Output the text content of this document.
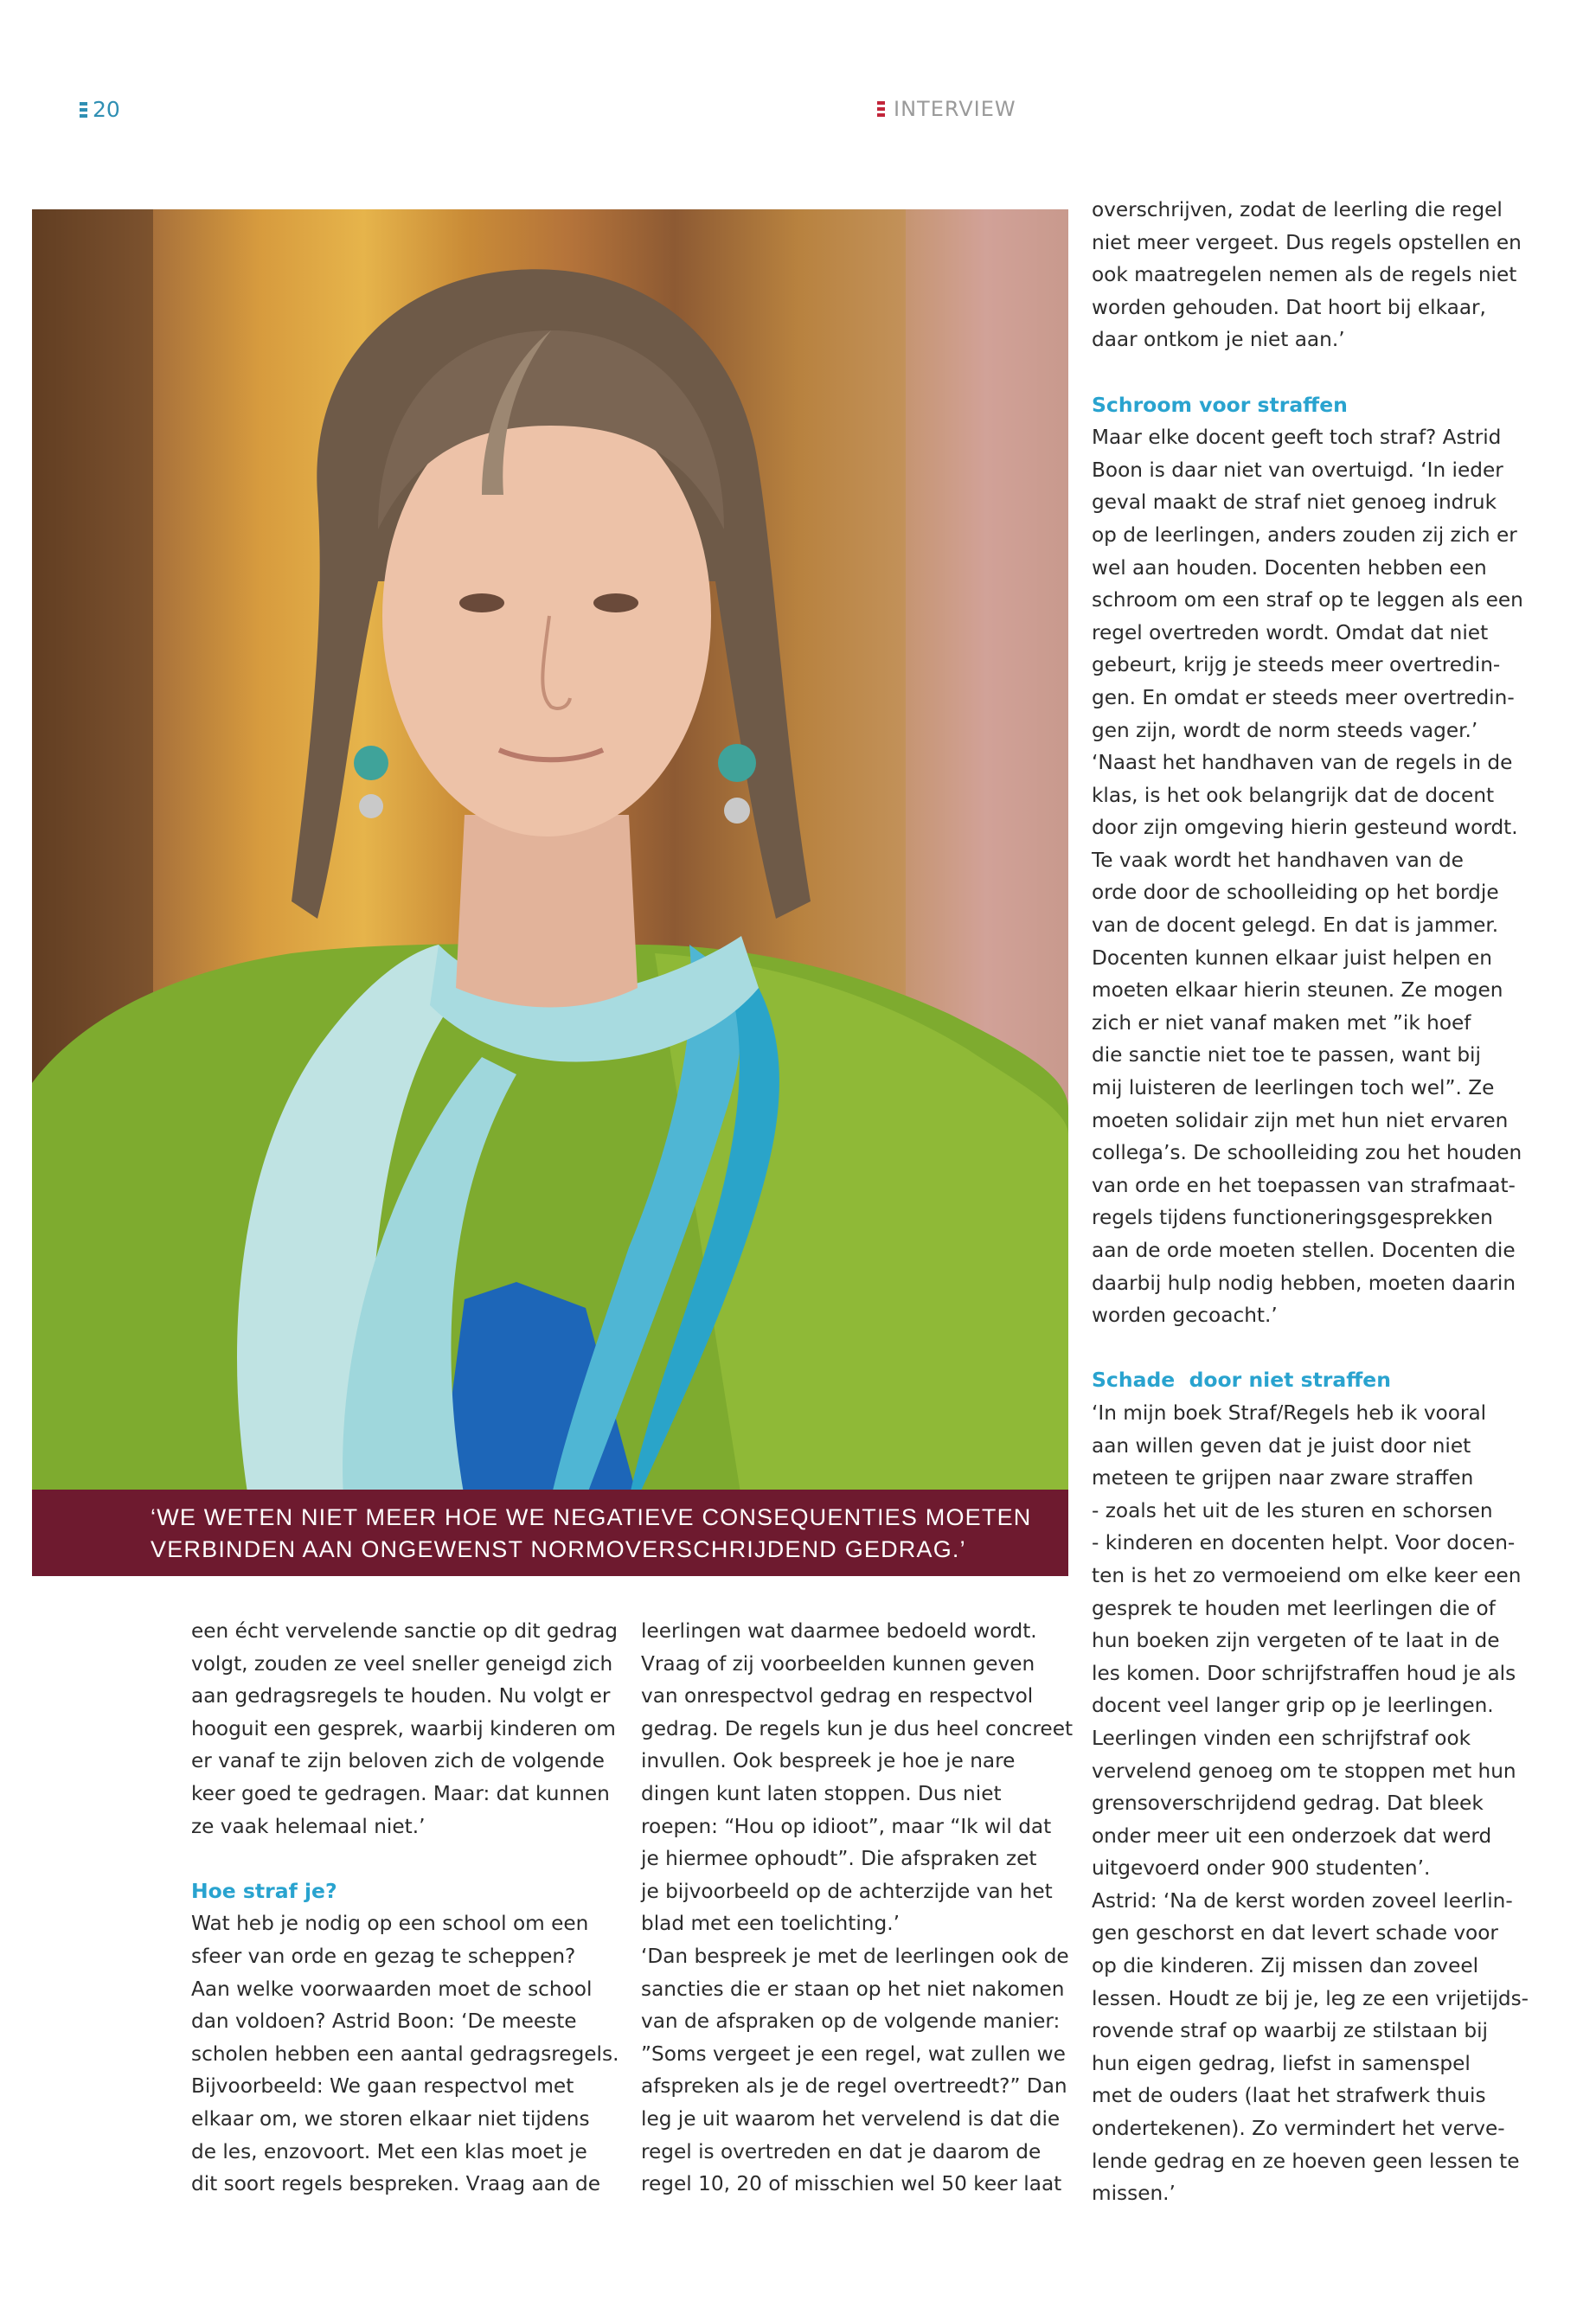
20	INTERVIEW

‘WE WETEN NIET MEER HOE WE NEGATIEVE CONSEQUENTIES MOETEN

VERBINDEN AAN ONGEWENST NORMOVERSCHRIJDEND GEDRAG.’

overschrijven, zodat de leerling die regel
niet meer vergeet. Dus regels opstellen en
ook maatregelen nemen als de regels niet
worden gehouden. Dat hoort bij elkaar,
daar ontkom je niet aan.’

Schroom voor straffen

Maar elke docent geeft toch straf? Astrid
Boon is daar niet van overtuigd. ‘In ieder
geval maakt de straf niet genoeg indruk
op de leerlingen, anders zouden zij zich er
wel aan houden. Docenten hebben een
schroom om een straf op te leggen als een
regel overtreden wordt. Omdat dat niet
gebeurt, krijg je steeds meer overtredin-
gen. En omdat er steeds meer overtredin-
gen zijn, wordt de norm steeds vager.’
‘Naast het handhaven van de regels in de
klas, is het ook belangrijk dat de docent
door zijn omgeving hierin gesteund wordt.
Te vaak wordt het handhaven van de
orde door de schoolleiding op het bordje
van de docent gelegd. En dat is jammer.
Docenten kunnen elkaar juist helpen en
moeten elkaar hierin steunen. Ze mogen
zich er niet vanaf maken met ”ik hoef
die sanctie niet toe te passen, want bij
mij luisteren de leerlingen toch wel”. Ze
moeten solidair zijn met hun niet ervaren
collega’s. De schoolleiding zou het houden
van orde en het toepassen van strafmaat-
regels tijdens functioneringsgesprekken
aan de orde moeten stellen. Docenten die
daarbij hulp nodig hebben, moeten daarin
worden gecoacht.’

Schade  door niet straffen

‘In mijn boek Straf/Regels heb ik vooral
aan willen geven dat je juist door niet
meteen te grijpen naar zware straffen
- zoals het uit de les sturen en schorsen
- kinderen en docenten helpt. Voor docen-
ten is het zo vermoeiend om elke keer een
gesprek te houden met leerlingen die of
hun boeken zijn vergeten of te laat in de
les komen. Door schrijfstraffen houd je als
docent veel langer grip op je leerlingen.
Leerlingen vinden een schrijfstraf ook
vervelend genoeg om te stoppen met hun
grensoverschrijdend gedrag. Dat bleek
onder meer uit een onderzoek dat werd
uitgevoerd onder 900 studenten’.
Astrid: ‘Na de kerst worden zoveel leerlin-
gen geschorst en dat levert schade voor
op die kinderen. Zij missen dan zoveel
lessen. Houdt ze bij je, leg ze een vrijetijds-
rovende straf op waarbij ze stilstaan bij
hun eigen gedrag, liefst in samenspel
met de ouders (laat het strafwerk thuis
ondertekenen). Zo vermindert het verve-
lende gedrag en ze hoeven geen lessen te
missen.’

een écht vervelende sanctie op dit gedrag
volgt, zouden ze veel sneller geneigd zich
aan gedragsregels te houden. Nu volgt er
hooguit een gesprek, waarbij kinderen om
er vanaf te zijn beloven zich de volgende
keer goed te gedragen. Maar: dat kunnen
ze vaak helemaal niet.’

Hoe straf je?

Wat heb je nodig op een school om een
sfeer van orde en gezag te scheppen?
Aan welke voorwaarden moet de school
dan voldoen? Astrid Boon: ‘De meeste
scholen hebben een aantal gedragsregels.
Bijvoorbeeld: We gaan respectvol met
elkaar om, we storen elkaar niet tijdens
de les, enzovoort. Met een klas moet je
dit soort regels bespreken. Vraag aan de

leerlingen wat daarmee bedoeld wordt.
Vraag of zij voorbeelden kunnen geven
van onrespectvol gedrag en respectvol
gedrag. De regels kun je dus heel concreet
invullen. Ook bespreek je hoe je nare
dingen kunt laten stoppen. Dus niet
roepen: “Hou op idioot”, maar “Ik wil dat
je hiermee ophoudt”. Die afspraken zet
je bijvoorbeeld op de achterzijde van het
blad met een toelichting.’
‘Dan bespreek je met de leerlingen ook de
sancties die er staan op het niet nakomen
van de afspraken op de volgende manier:
”Soms vergeet je een regel, wat zullen we
afspreken als je de regel overtreedt?” Dan
leg je uit waarom het vervelend is dat die
regel is overtreden en dat je daarom de
regel 10, 20 of misschien wel 50 keer laat
